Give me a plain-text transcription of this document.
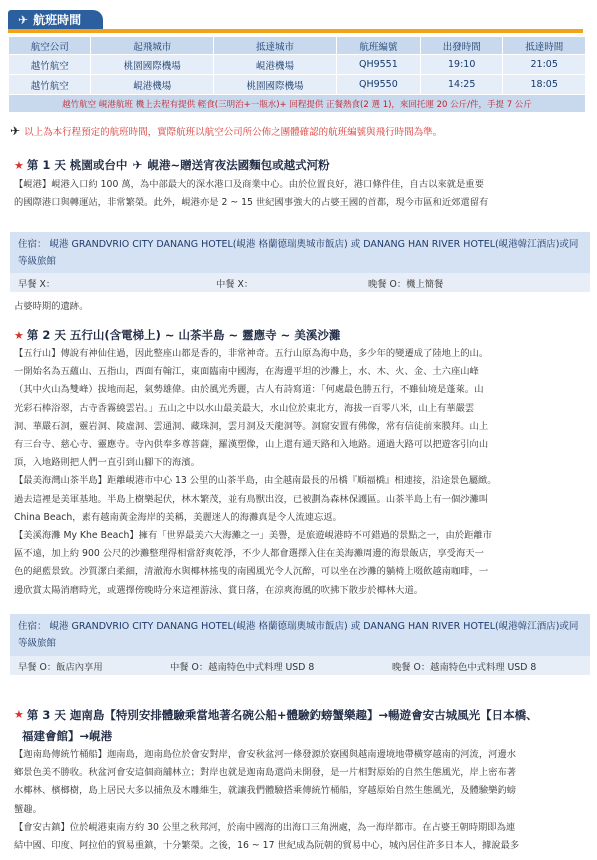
✈ 航班時間
航空公司	起飛城市	抵達城市	航班編號	出發時間	抵達時間
越竹航空	桃園國際機場	峴港機場	QH9551	19:10	21:05
越竹航空	峴港機場	桃園國際機場	QH9550	14:25	18:05
越竹航空 峴港航班 機上去程有提供 輕食(三明治+一瓶水)+ 回程提供 正餐熱食(2 選 1)，來回托運 20 公斤/件，手提 7 公斤					
✈ 以上為本行程預定的航班時間，實際航班以航空公司所公佈之團體確認的航班編號與飛行時間為準。
★ 第 1 天 桃園或台中 ✈ 峴港~贈送宵夜法國麵包或越式河粉
【峴港】峴港入口約 100 萬，為中部最大的深水港口及商業中心。由於位置良好，港口條件佳，自古以來就是重要
的國際港口與轉運站，非常繁榮。此外，峴港亦是 2 ~ 15 世紀國事強大的占婆王國的首都，現今市區和近郊還留有
住宿： 峴港 GRANDVRIO CITY DANANG HOTEL(峴港 格蘭德瑞奧城市飯店) 或 DANANG HAN RIVER HOTEL(峴港韓江酒店)或同等級旅館
早餐 X：	中餐 X：	晚餐 O：機上簡餐
占婆時期的遺跡。
★ 第 2 天 五行山(含電梯上) ~ 山茶半島 ~ 靈應寺 ~ 美溪沙灘
【五行山】傳說有神仙住過，因此整座山都是香的，非常神奇。五行山原為海中島，多少年的變遷成了陸地上的山。
一開始名為五蘊山、五指山，西面有翰江，東面臨南中國海，在海邊平坦的沙灘上，水、木、火、金、土六座山峰
（其中火山為雙峰）拔地而起，氣勢雄偉。由於風光秀麗，古人有詩寫道：「何處最色勝五行，不雖仙境是蓬萊。山
光彩石棒浴翠，古寺香霧繞雲岩。」五山之中以水山最美最大，水山位於東北方，海拔一百零八米，山上有華嚴雲
洞、華嚴石洞，靈岩洞、陵虛洞、雲通洞、藏珠洞，雲月洞及天龍洞等。洞窟安置有佛像，常有信徒前來膜拜。山上
有三台寺、慈心寺、靈應寺。寺內供奉多尊菩薩，羅漢塑像，山上還有通天路和入地路。通過大路可以把遊客引向山
頂，入地路則把人們一直引到山腳下的海濱。
【最美海灣山茶半島】距離峴港市中心 13 公里的山茶半島，由全越南最長的吊橋『順福橋』相連接，沿途景色屬緻。
過去這裡是美軍基地。半島上樹樂起伏，林木繁茂，並有鳥獸出沒，已被劃為森林保護區。山茶半島上有一個沙灘叫
China Beach，素有越南黃金海岸的美稱，美麗迷人的海灘真是令人流連忘返。
【美溪海灘 My Khe Beach】擁有「世界最美六大海灘之一」美譽，是旅遊峴港時不可錯過的景點之一，由於距離市
區不遠，加上約 900 公尺的沙灘整理得相當舒爽乾淨，不少人都會選擇入住在美海灘周邊的海景飯店，享受海天一
色的絕藍景致。沙質潔白柔細，清澈海水與椰林搖曳的南國風光令人沉醉，可以坐在沙灘的躺椅上啜飲越南咖啡，一
邊欣賞太陽消磨時光，或選擇傍晚時分來這裡游泳、賞日落，在涼爽海風的吹拂下散步於椰林大道。
住宿： 峴港 GRANDVRIO CITY DANANG HOTEL(峴港 格蘭德瑞奧城市飯店) 或 DANANG HAN RIVER HOTEL(峴港韓江酒店)或同等級旅館
早餐 O：飯店內享用	中餐 O：越南特色中式料理 USD 8	晚餐 O：越南特色中式料理 USD 8
★ 第 3 天 迦南島【特別安排體驗乘當地著名碗公船+體驗釣螃蟹樂趣】→暢遊會安古城風光【日本橋、
福建會館】→峴港
【迦南島傳統竹桶船】迦南島，迦南島位於會安對岸，會安秋盆河一條發源於寮國與越南邊境地帶橫穿越南的河流，河邊水
鄉景色美不勝收。秋盆河會安這個商舖林立；對岸也就是迦南島還尚未開發，是一片相對原始的自然生態風光，岸上密布著
水椰林、檳榔樹，島上居民大多以捕魚及木雕維生，就讓我們體驗搭乘傳統竹桶船，穿越原始自然生態風光，及體驗樂釣螃
蟹趣。
【會安古鎮】位於峴港東南方約 30 公里之秋邦河，於南中國海的出海口三角洲處，為一海岸都市。在占婆王朝時期即為連
結中國、印度、阿拉伯的貿易重鎮，十分繁榮。之後，16 ~ 17 世紀成為阮朝的貿易中心，城內居住許多日本人，據說最多
